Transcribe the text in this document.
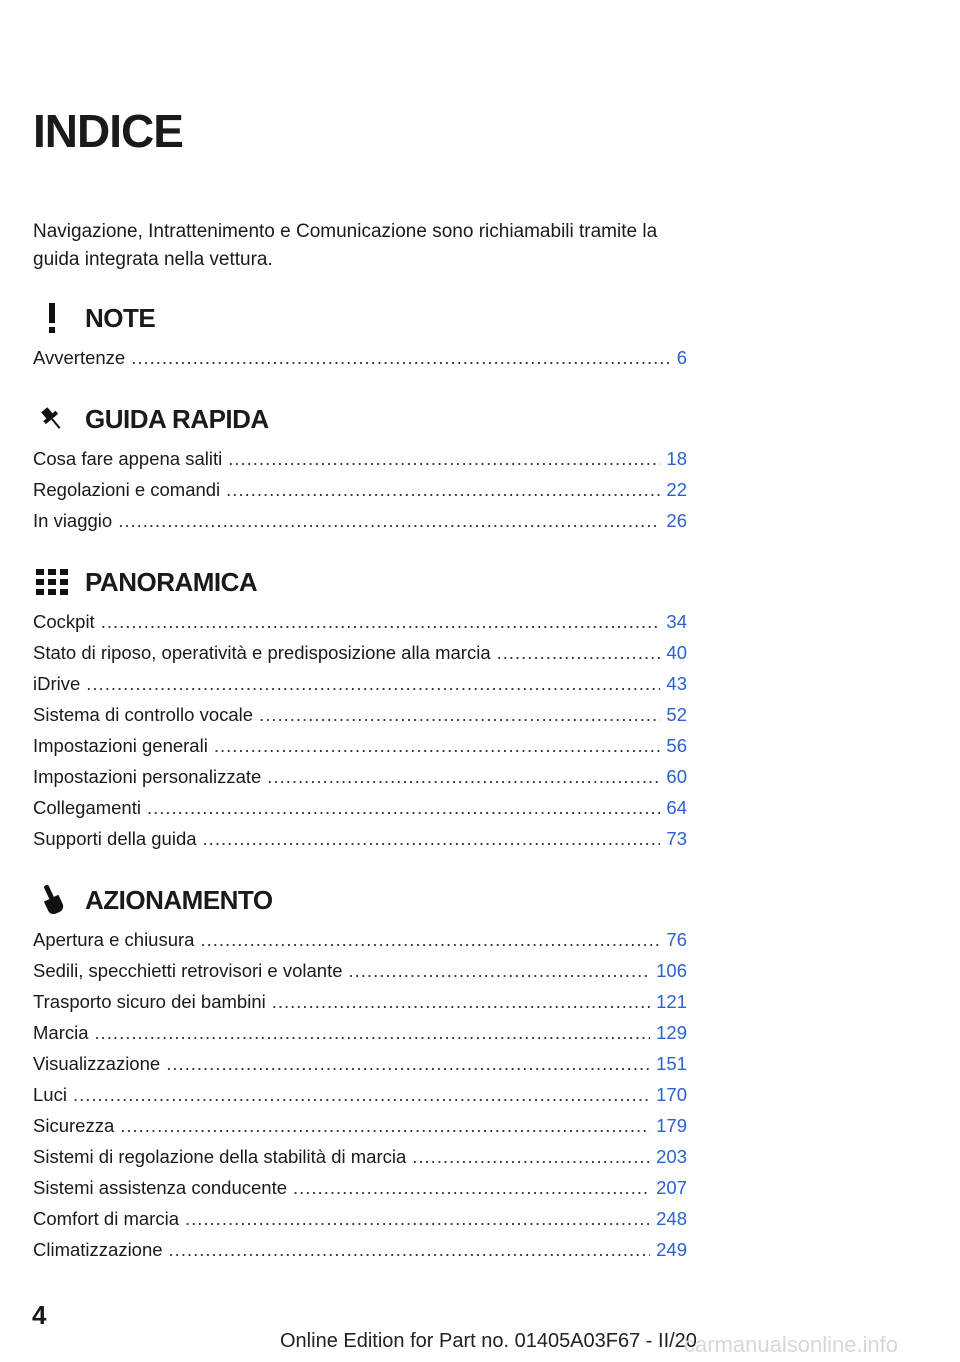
INDICE

Navigazione, Intrattenimento e Comunicazione sono richiamabili tramite la guida integrata nella vettura.

NOTE
Avvertenze .....	6
GUIDA RAPIDA
Cosa fare appena saliti .....	18
Regolazioni e comandi .....	22
In viaggio .....	26
PANORAMICA
Cockpit .....	34
Stato di riposo, operatività e predisposizione alla marcia .....	40
iDrive .....	43
Sistema di controllo vocale .....	52
Impostazioni generali .....	56
Impostazioni personalizzate .....	60
Collegamenti .....	64
Supporti della guida .....	73
AZIONAMENTO
Apertura e chiusura .....	76
Sedili, specchietti retrovisori e volante .....	106
Trasporto sicuro dei bambini .....	121
Marcia .....	129
Visualizzazione .....	151
Luci .....	170
Sicurezza .....	179
Sistemi di regolazione della stabilità di marcia .....	203
Sistemi assistenza conducente .....	207
Comfort di marcia .....	248
Climatizzazione .....	249
4
Online Edition for Part no. 01405A03F67 - II/20
carmanualsonline.info
